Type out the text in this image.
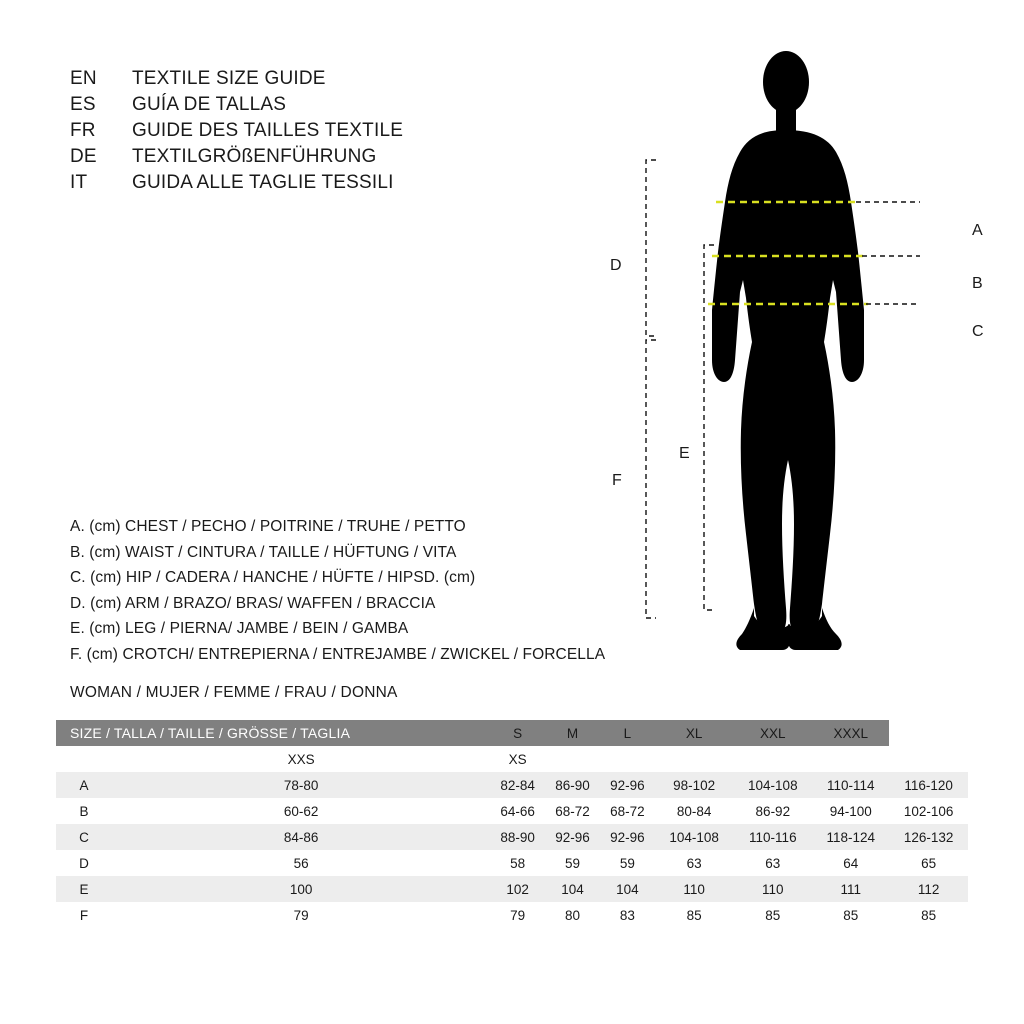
EN	TEXTILE SIZE GUIDE
ES	GUÍA DE TALLAS
FR	GUIDE DES TAILLES TEXTILE
DE	TEXTILGRÖßENFÜHRUNG
IT	GUIDA ALLE TAGLIE TESSILI
A. (cm) CHEST / PECHO / POITRINE / TRUHE / PETTO
B. (cm) WAIST / CINTURA / TAILLE / HÜFTUNG / VITA
C. (cm) HIP / CADERA / HANCHE / HÜFTE / HIPSD. (cm)
D. (cm) ARM / BRAZO/ BRAS/ WAFFEN / BRACCIA
E. (cm) LEG / PIERNA/ JAMBE / BEIN / GAMBA
F. (cm) CROTCH/ ENTREPIERNA / ENTREJAMBE / ZWICKEL / FORCELLA
WOMAN / MUJER / FEMME / FRAU / DONNA
A
B
C
D
E
F
SIZE / TALLA / TAILLE / GRÖSSE / TAGLIA		S	M	L	XL	XXL	XXXL	
	XXS	XS						
A	78-80	82-84	86-90	92-96	98-102	104-108	110-114	116-120
B	60-62	64-66	68-72	68-72	80-84	86-92	94-100	102-106
C	84-86	88-90	92-96	92-96	104-108	110-116	118-124	126-132
D	56	58	59	59	63	63	64	65
E	100	102	104	104	110	110	111	112
F	79	79	80	83	85	85	85	85
